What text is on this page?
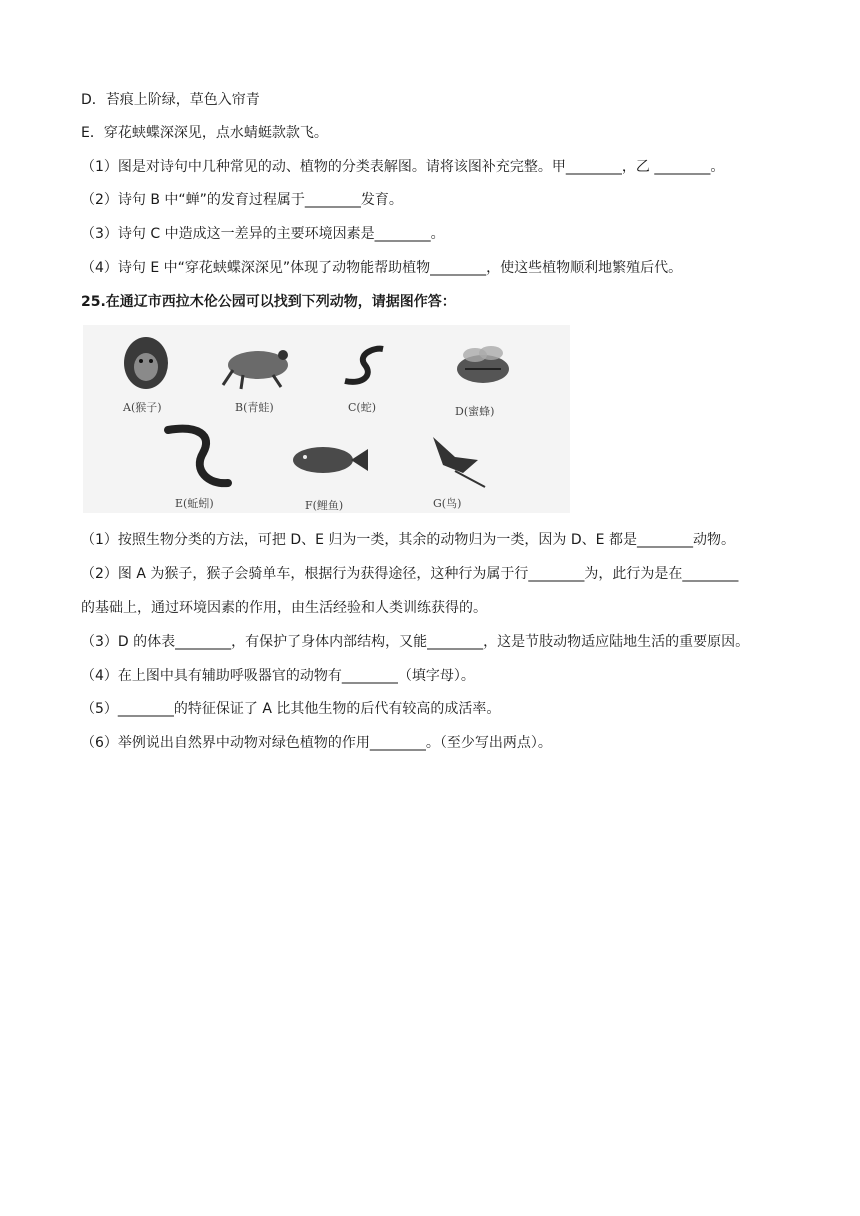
D．苔痕上阶绿，草色入帘青
E．穿花蛱蝶深深见，点水蜻蜓款款飞。
（1）图是对诗句中几种常见的动、植物的分类表解图。请将该图补充完整。甲________，乙 ________。
（2）诗句 B 中“蝉”的发育过程属于________发育。
（3）诗句 C 中造成这一差异的主要环境因素是________。
（4）诗句 E 中“穿花蛱蝶深深见”体现了动物能帮助植物________，使这些植物顺利地繁殖后代。
25.在通辽市西拉木伦公园可以找到下列动物，请据图作答：
A(猴子)	B(青蛙)	C(蛇)	D(蜜蜂)
E(蚯蚓)	F(鲤鱼)	G(鸟)
（1）按照生物分类的方法，可把 D、E 归为一类，其余的动物归为一类，因为 D、E 都是________动物。
（2）图 A 为猴子，猴子会骑单车，根据行为获得途径，这种行为属于行________为，此行为是在________
的基础上，通过环境因素的作用，由生活经验和人类训练获得的。
（3）D 的体表________，有保护了身体内部结构，又能________，这是节肢动物适应陆地生活的重要原因。
（4）在上图中具有辅助呼吸器官的动物有________（填字母）。
（5）________的特征保证了 A 比其他生物的后代有较高的成活率。
（6）举例说出自然界中动物对绿色植物的作用________。（至少写出两点）。
